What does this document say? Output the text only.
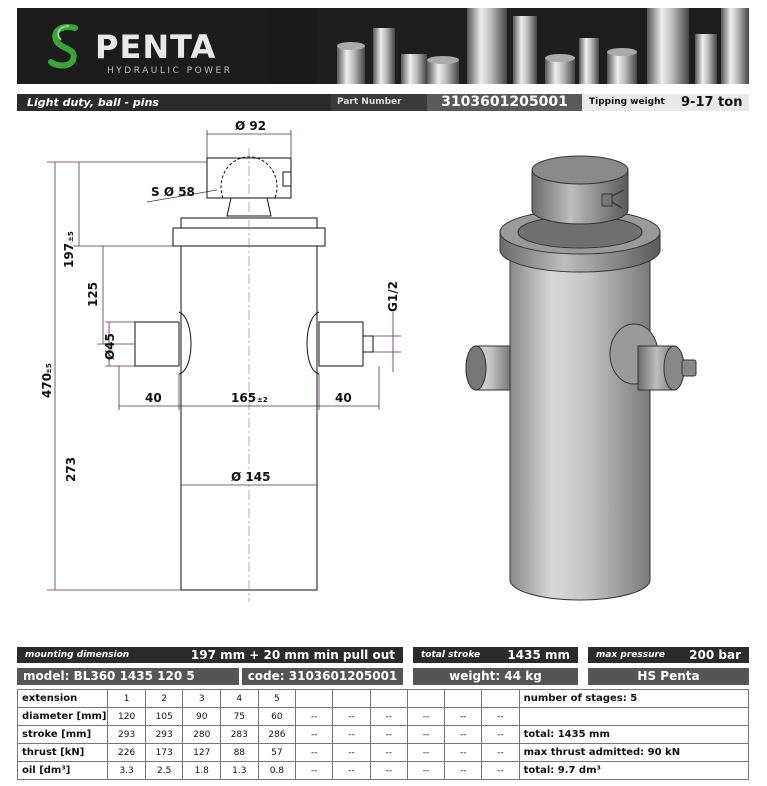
PENTA
HYDRAULIC POWER
Light duty, ball - pins	Part Number	3103601205001	Tipping weight	9-17 ton
Ø 92
S Ø 58
197
±5
125
470
±5
273
Ø45
G1/2
40	165 ±2	40
Ø 145
mounting dimension	197 mm + 20 mm min pull out	total stroke 1435 mm	max pressure 200 bar
model: BL360 1435 120 5	code: 3103601205001	weight: 44 kg	HS Penta
extension	1	2	3	4	5							number of stages: 5
diameter [mm]	120	105	90	75	60	--	--	--	--	--	--	
stroke [mm]	293	293	280	283	286	--	--	--	--	--	--	total: 1435 mm
thrust [kN]	226	173	127	88	57	--	--	--	--	--	--	max thrust admitted: 90 kN
oil [dm³]	3.3	2.5	1.8	1.3	0.8	--	--	--	--	--	--	total: 9.7 dm³
